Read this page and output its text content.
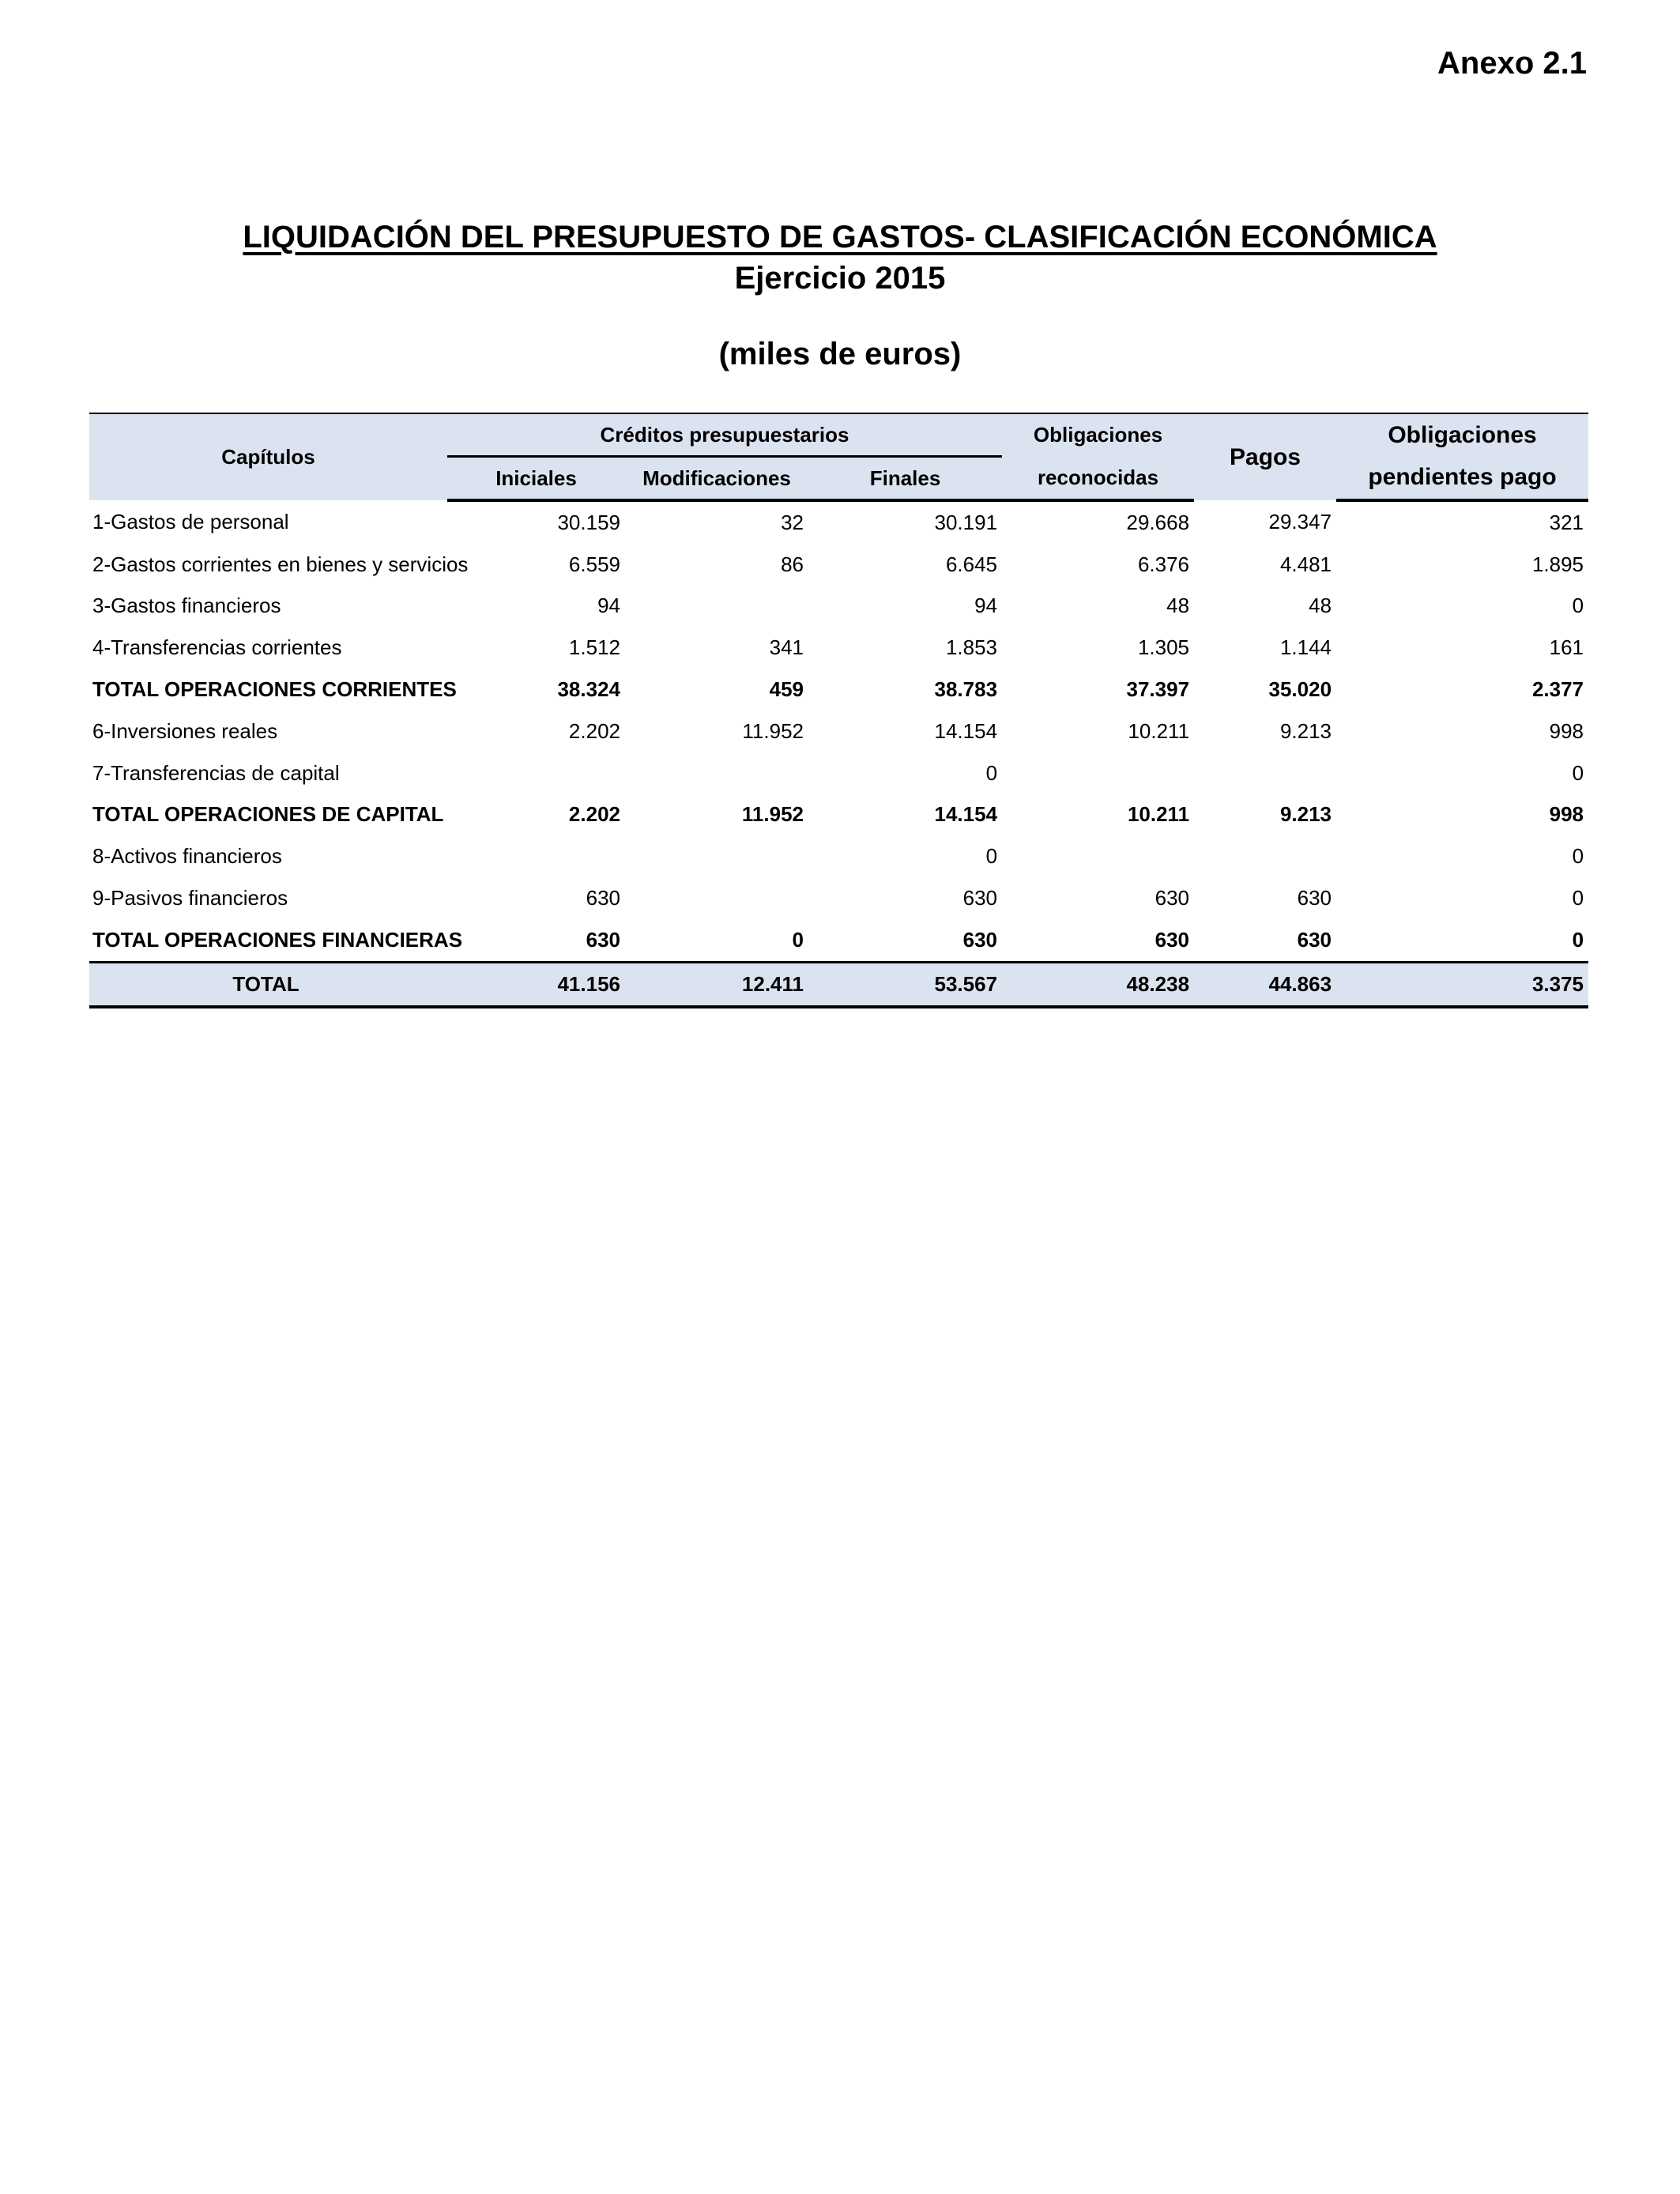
Anexo 2.1
LIQUIDACIÓN DEL PRESUPUESTO DE GASTOS- CLASIFICACIÓN ECONÓMICA
Ejercicio 2015
(miles de euros)
Capítulos	Créditos presupuestarios			Obligaciones	Pagos	Obligaciones
	Iniciales	Modificaciones	Finales	reconocidas		pendientes pago
1-Gastos de personal	30.159	32	30.191	29.668	29.347	321
2-Gastos corrientes en bienes y servicios	6.559	86	6.645	6.376	4.481	1.895
3-Gastos financieros	94		94	48	48	0
4-Transferencias corrientes	1.512	341	1.853	1.305	1.144	161
TOTAL OPERACIONES CORRIENTES	38.324	459	38.783	37.397	35.020	2.377
6-Inversiones reales	2.202	11.952	14.154	10.211	9.213	998
7-Transferencias de capital			0			0
TOTAL OPERACIONES DE CAPITAL	2.202	11.952	14.154	10.211	9.213	998
8-Activos financieros			0			0
9-Pasivos financieros	630		630	630	630	0
TOTAL OPERACIONES FINANCIERAS	630	0	630	630	630	0
TOTAL	41.156	12.411	53.567	48.238	44.863	3.375
